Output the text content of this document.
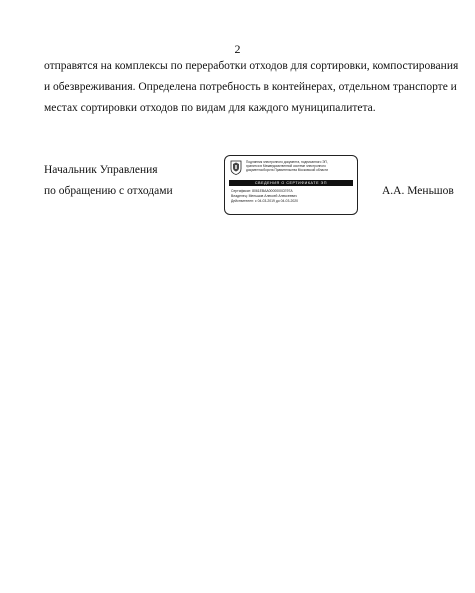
2
отправятся на комплексы по переработки отходов для сортировки, компостирования
и обезвреживания. Определена потребность в контейнерах, отдельном транспорте и
местах сортировки отходов по видам для каждого муниципалитета.
Начальник Управления
по обращению с отходами
Подлинник электронного документа, подписанного ЭП,
хранится в Межведомственной системе электронного
документооборота Правительства Московской области
СВЕДЕНИЯ О СЕРТИФИКАТЕ ЭП
Сертификат: 8061EBAA0000000CE97A
Владелец: Меньшов Алексей Алексеевич
Действителен: с 04-03-2019 до 04-03-2020
А.А. Меньшов
